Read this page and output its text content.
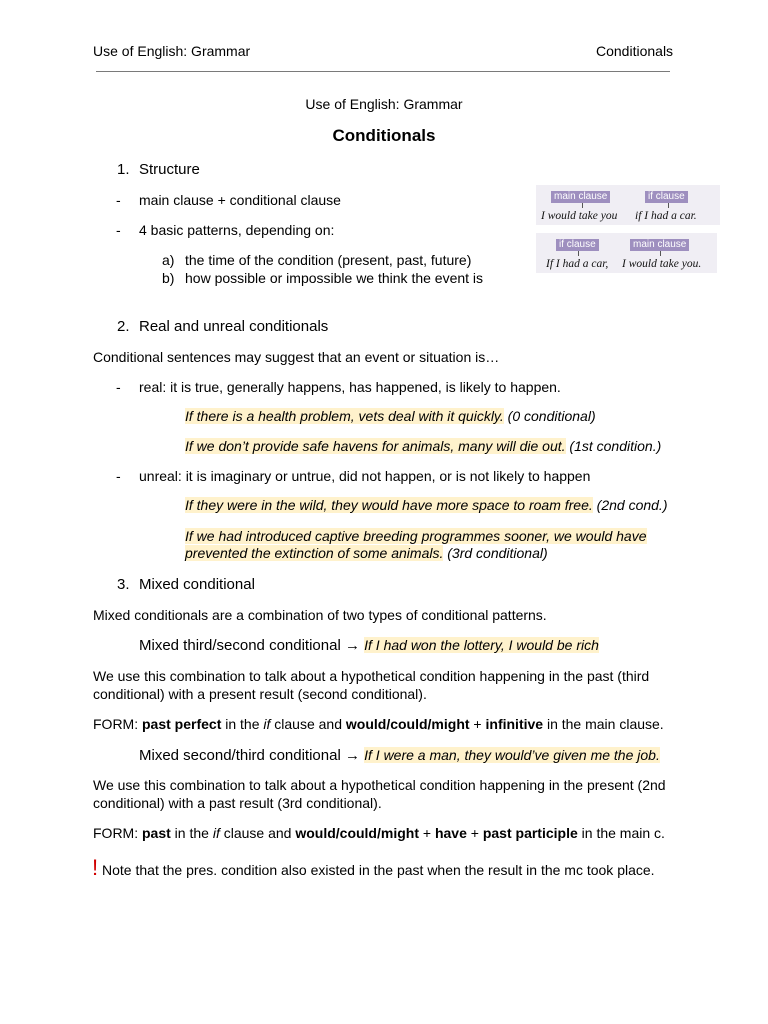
Use of English: Grammar	Conditionals
Use of English: Grammar
Conditionals
1. Structure
- main clause + conditional clause
- 4 basic patterns, depending on:
a) the time of the condition (present, past, future)
b) how possible or impossible we think the event is
main clause	if clause
I would take you if I had a car.
if clause	main clause
If I had a car, I would take you.
2. Real and unreal conditionals
Conditional sentences may suggest that an event or situation is…
- real: it is true, generally happens, has happened, is likely to happen.
If there is a health problem, vets deal with it quickly. (0 conditional)
If we don’t provide safe havens for animals, many will die out. (1st condition.)
- unreal: it is imaginary or untrue, did not happen, or is not likely to happen
If they were in the wild, they would have more space to roam free. (2nd cond.)
If we had introduced captive breeding programmes sooner, we would have
prevented the extinction of some animals. (3rd conditional)
3. Mixed conditional
Mixed conditionals are a combination of two types of conditional patterns.
Mixed third/second conditional → If I had won the lottery, I would be rich
We use this combination to talk about a hypothetical condition happening in the past (third
conditional) with a present result (second conditional).
FORM: past perfect in the if clause and would/could/might + infinitive in the main clause.
Mixed second/third conditional → If I were a man, they would’ve given me the job.
We use this combination to talk about a hypothetical condition happening in the present (2nd
conditional) with a past result (3rd conditional).
FORM: past in the if clause and would/could/might + have + past participle in the main c.
! Note that the pres. condition also existed in the past when the result in the mc took place.
